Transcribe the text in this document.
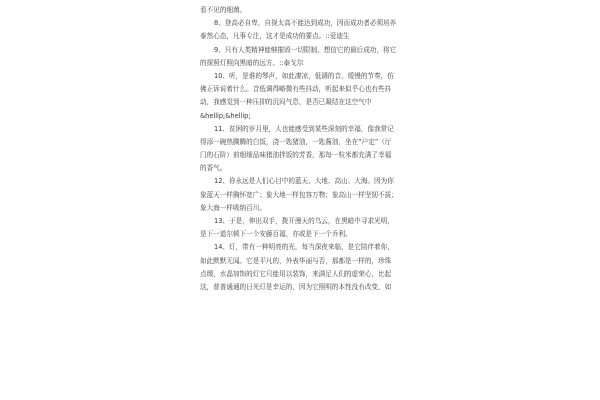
看不见的细菌。
8、登高必自卑，自视太高不能达到成功，因而成功者必须培养
泰然心态，凡事专注，这才是成功的要点。::爱迪生
9、只有人类精神能够摧毁一切限制，想信它的最后成功，将它
的探照灯照向黑暗的远方。::泰戈尔
10、听，是谁的琴声，如此凄凉，低调的音，缓慢的节奏，仿
佛正诉说着什么。音低调得略微有些抖动，听起来似乎心也有些抖
动，我感觉到一种压抑的沉闷气息，是否已凝结在这空气中
&hellip;&hellip;
11、贫困的岁月里，人也能感受到某些深刻的幸福，像我常记
得添一碗热腾腾的白饭，浇一匙猪油，一匙酱油，坐在“户定”（厅
门的石阶）前细细品味猪油拌饭的芳香，那每一粒米都充满了幸福
的香气。
12、你永远是人们心目中的蓝天、大地、高山、大海。因为你
象蓝天一样胸怀宽广；象大地一样包容万物；象高山一样坚韧不拔；
象大海一样吸纳百川。
13、于是，伸出双手，拨开漫天的乌云，在黑暗中寻求光明，
是下一道尔顿下一个安藤百福，亦或是下一个乔利。
14、灯，带有一种明亮的光，每当深夜来临，是它陪伴着你，
如此默默无闻。它是平凡的，外表华丽与否，那都是一样的，珍珠
点缀，水晶加饰的灯它只能用以装饰，来满足人们的虚荣心，比起
这，普普通通的日光灯是幸运的，因为它照明的本性没有改变，如
